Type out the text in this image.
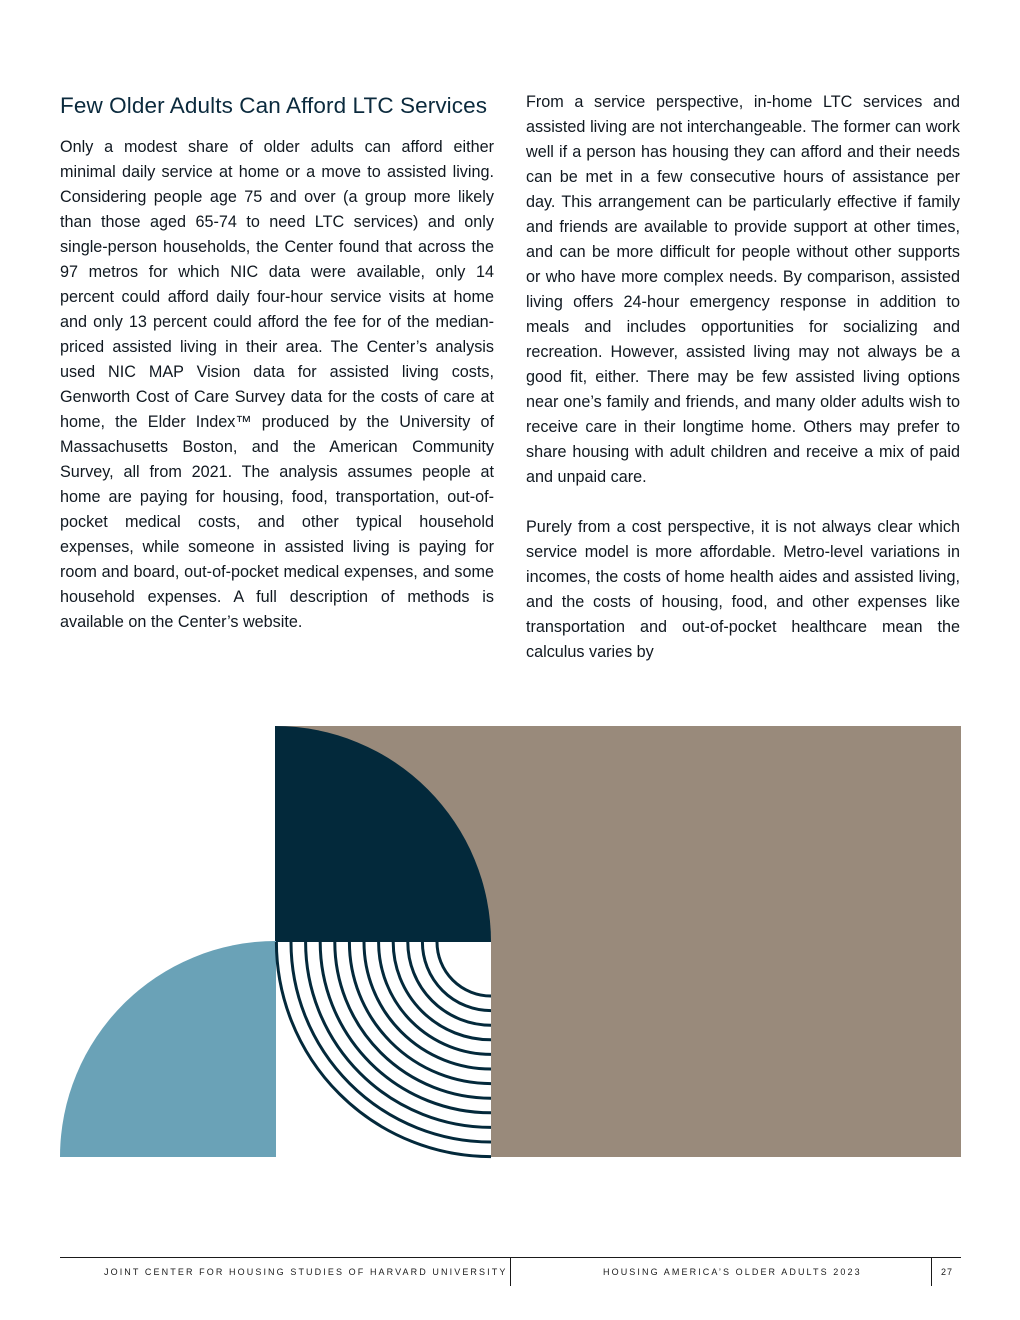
Few Older Adults Can Afford LTC Services

Only a modest share of older adults can afford either minimal daily service at home or a move to assisted living. Considering people age 75 and over (a group more likely than those aged 65-74 to need LTC services) and only single-person households, the Center found that across the 97 metros for which NIC data were available, only 14 percent could afford daily four-hour service visits at home and only 13 percent could afford the fee for of the median-priced assisted living in their area. The Center’s analysis used NIC MAP Vision data for assisted living costs, Genworth Cost of Care Survey data for the costs of care at home, the Elder Index™ produced by the University of Massachusetts Boston, and the American Community Survey, all from 2021. The analysis assumes people at home are paying for housing, food, transportation, out-of-pocket medical costs, and other typical household expenses, while someone in assisted living is paying for room and board, out-of-pocket medical expenses, and some household expenses. A full description of methods is available on the Center’s website.

From a service perspective, in-home LTC services and assisted living are not interchangeable. The former can work well if a person has housing they can afford and their needs can be met in a few consecutive hours of assistance per day. This arrangement can be particularly effective if family and friends are available to provide support at other times, and can be more difficult for people without other supports or who have more complex needs. By comparison, assisted living offers 24-hour emergency response in addition to meals and includes opportunities for socializing and recreation. However, assisted living may not always be a good fit, either. There may be few assisted living options near one’s family and friends, and many older adults wish to receive care in their longtime home. Others may prefer to share housing with adult children and receive a mix of paid and unpaid care.

Purely from a cost perspective, it is not always clear which service model is more affordable. Metro-level variations in incomes, the costs of home health aides and assisted living, and the costs of housing, food, and other expenses like transportation and out-of-pocket healthcare mean the calculus varies by

JOINT CENTER FOR HOUSING STUDIES OF HARVARD UNIVERSITY	HOUSING AMERICA’S OLDER ADULTS 2023	27
